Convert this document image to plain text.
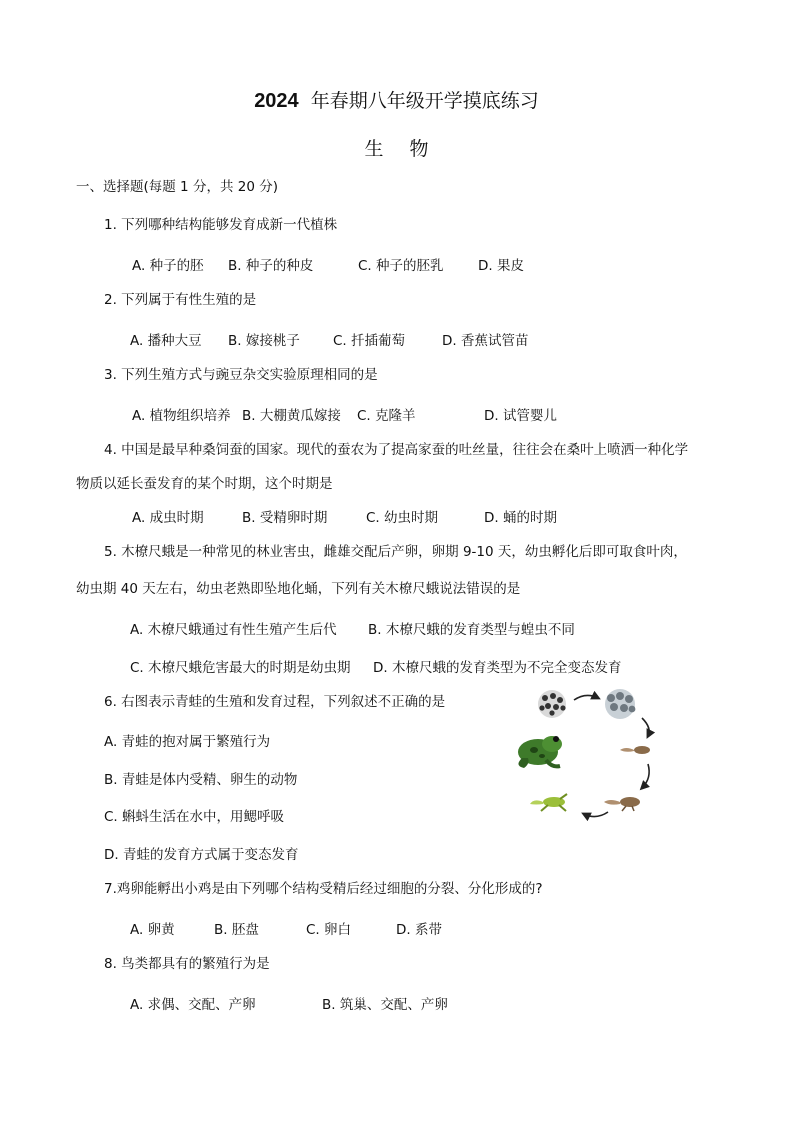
2024 年春期八年级开学摸底练习
生物
一、选择题(每题 1 分，共 20 分)
1. 下列哪种结构能够发育成新一代植株
A. 种子的胚 B. 种子的种皮	C. 种子的胚乳	D. 果皮
2. 下列属于有性生殖的是
A. 播种大豆 B. 嫁接桃子 C. 扦插葡萄	D. 香蕉试管苗
3. 下列生殖方式与豌豆杂交实验原理相同的是
A. 植物组织培养 B. 大棚黄瓜嫁接 C. 克隆羊	D. 试管婴儿
4. 中国是最早种桑饲蚕的国家。现代的蚕农为了提高家蚕的吐丝量，往往会在桑叶上喷洒一种化学
物质以延长蚕发育的某个时期，这个时期是
A. 成虫时期	B. 受精卵时期	C. 幼虫时期	D. 蛹的时期
5. 木橑尺蛾是一种常见的林业害虫，雌雄交配后产卵，卵期 9-10 天，幼虫孵化后即可取食叶肉，
幼虫期 40 天左右，幼虫老熟即坠地化蛹，下列有关木橑尺蛾说法错误的是
A. 木橑尺蛾通过有性生殖产生后代 B. 木橑尺蛾的发育类型与蝗虫不同
C. 木橑尺蛾危害最大的时期是幼虫期 D. 木橑尺蛾的发育类型为不完全变态发育
6. 右图表示青蛙的生殖和发育过程，下列叙述不正确的是
A. 青蛙的抱对属于繁殖行为
B. 青蛙是体内受精、卵生的动物
C. 蝌蚪生活在水中，用鳃呼吸
D. 青蛙的发育方式属于变态发育
7.鸡卵能孵出小鸡是由下列哪个结构受精后经过细胞的分裂、分化形成的?
A. 卵黄	B. 胚盘	C. 卵白	D. 系带
8. 鸟类都具有的繁殖行为是
A. 求偶、交配、产卵	B. 筑巢、交配、产卵
